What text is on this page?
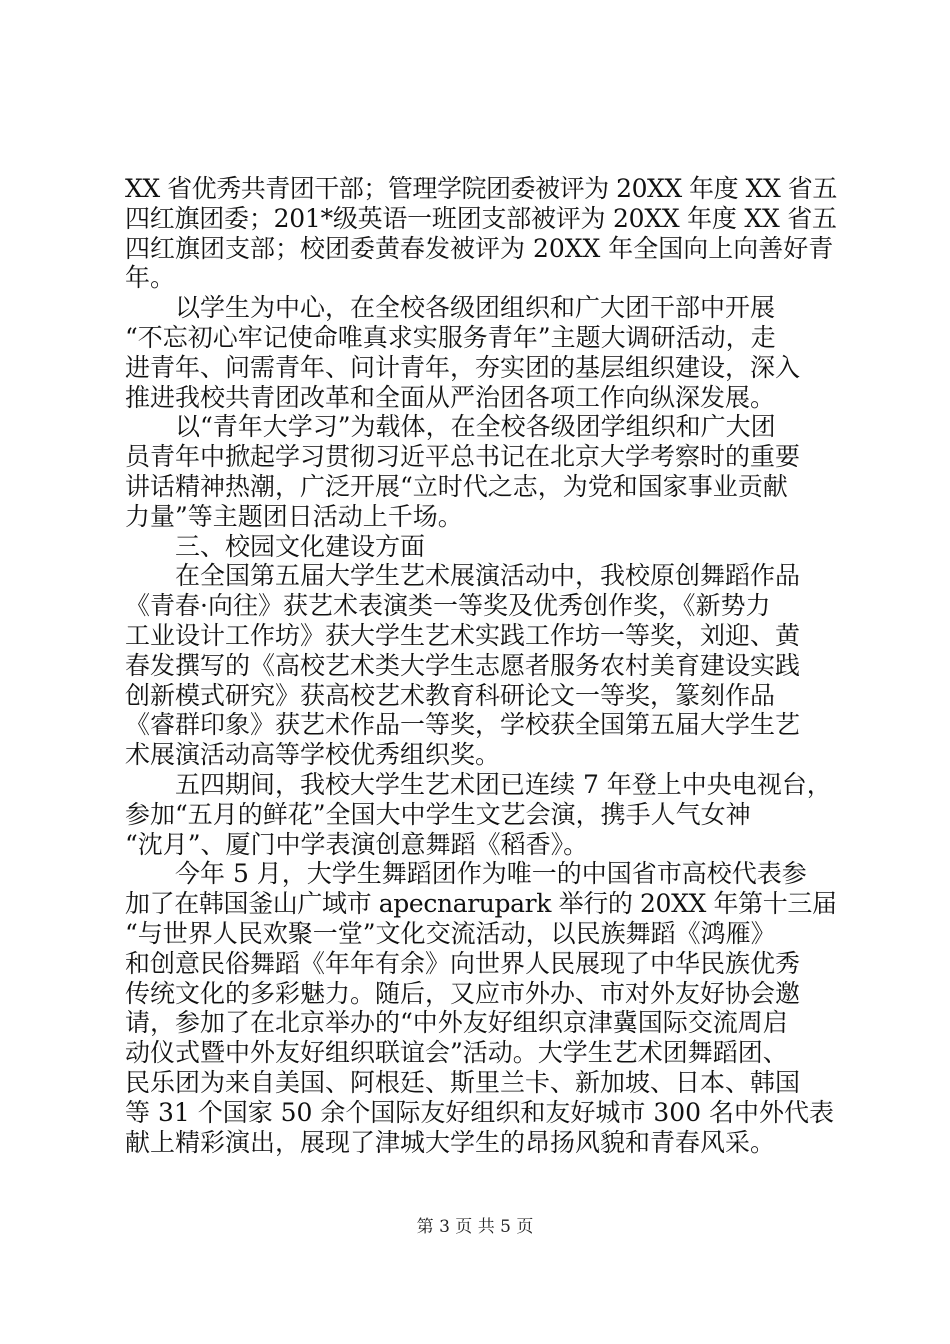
XX 省优秀共青团干部；管理学院团委被评为 20XX 年度 XX 省五
四红旗团委；201*级英语一班团支部被评为 20XX 年度 XX 省五
四红旗团支部；校团委黄春发被评为 20XX 年全国向上向善好青
年。
　　以学生为中心，在全校各级团组织和广大团干部中开展
“不忘初心牢记使命唯真求实服务青年”主题大调研活动，走
进青年、问需青年、问计青年，夯实团的基层组织建设，深入
推进我校共青团改革和全面从严治团各项工作向纵深发展。
　　以“青年大学习”为载体，在全校各级团学组织和广大团
员青年中掀起学习贯彻习近平总书记在北京大学考察时的重要
讲话精神热潮，广泛开展“立时代之志，为党和国家事业贡献
力量”等主题团日活动上千场。
　　三、校园文化建设方面
　　在全国第五届大学生艺术展演活动中，我校原创舞蹈作品
《青春·向往》获艺术表演类一等奖及优秀创作奖，《新势力
工业设计工作坊》获大学生艺术实践工作坊一等奖，刘迎、黄
春发撰写的《高校艺术类大学生志愿者服务农村美育建设实践
创新模式研究》获高校艺术教育科研论文一等奖，篆刻作品
《睿群印象》获艺术作品一等奖，学校获全国第五届大学生艺
术展演活动高等学校优秀组织奖。
　　五四期间，我校大学生艺术团已连续 7 年登上中央电视台，
参加“五月的鲜花”全国大中学生文艺会演，携手人气女神
“沈月”、厦门中学表演创意舞蹈《稻香》。
　　今年 5 月，大学生舞蹈团作为唯一的中国省市高校代表参
加了在韩国釜山广域市 apecnarupark 举行的 20XX 年第十三届
“与世界人民欢聚一堂”文化交流活动，以民族舞蹈《鸿雁》
和创意民俗舞蹈《年年有余》向世界人民展现了中华民族优秀
传统文化的多彩魅力。随后，又应市外办、市对外友好协会邀
请，参加了在北京举办的“中外友好组织京津冀国际交流周启
动仪式暨中外友好组织联谊会”活动。大学生艺术团舞蹈团、
民乐团为来自美国、阿根廷、斯里兰卡、新加坡、日本、韩国
等 31 个国家 50 余个国际友好组织和友好城市 300 名中外代表
献上精彩演出，展现了津城大学生的昂扬风貌和青春风采。
第 3 页 共 5 页
